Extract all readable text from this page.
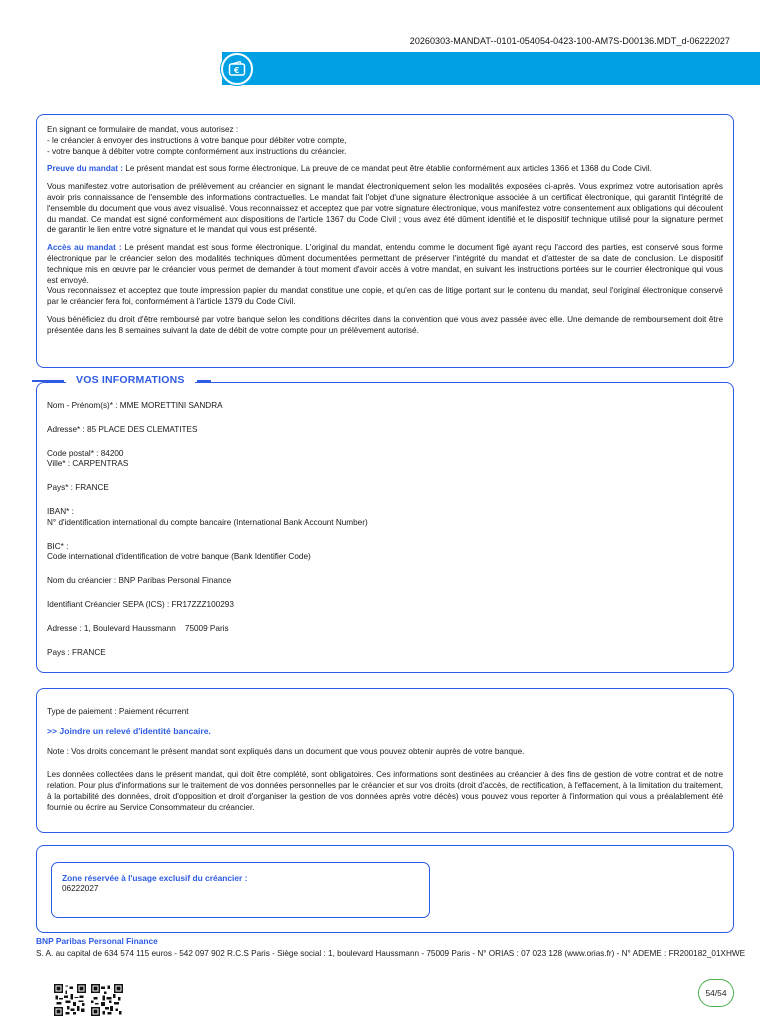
20260303-MANDAT--0101-054054-0423-100-AM7S-D00136.MDT_d-06222027
€

En signant ce formulaire de mandat, vous autorisez :
- le créancier à envoyer des instructions à votre banque pour débiter votre compte,
- votre banque à débiter votre compte conformément aux instructions du créancier.

Preuve du mandat : Le présent mandat est sous forme électronique. La preuve de ce mandat peut être établie conformément aux articles 1366 et 1368 du Code Civil.

Vous manifestez votre autorisation de prélèvement au créancier en signant le mandat électroniquement selon les modalités exposées ci-après. Vous exprimez votre autorisation après avoir pris connaissance de l'ensemble des informations contractuelles. Le mandat fait l'objet d'une signature électronique associée à un certificat électronique, qui garantit l'intégrité de l'ensemble du document que vous avez visualisé. Vous reconnaissez et acceptez que par votre signature électronique, vous manifestez votre consentement aux obligations qui découlent du mandat. Ce mandat est signé conformément aux dispositions de l'article 1367 du Code Civil ; vous avez été dûment identifié et le dispositif technique utilisé pour la signature permet de garantir le lien entre votre signature et le mandat qui vous est présenté.

Accès au mandat : Le présent mandat est sous forme électronique. L'original du mandat, entendu comme le document figé ayant reçu l'accord des parties, est conservé sous forme électronique par le créancier selon des modalités techniques dûment documentées permettant de préserver l'intégrité du mandat et d'attester de sa date de conclusion. Le dispositif technique mis en œuvre par le créancier vous permet de demander à tout moment d'avoir accès à votre mandat, en suivant les instructions portées sur le courrier électronique qui vous est envoyé.

Vous reconnaissez et acceptez que toute impression papier du mandat constitue une copie, et qu'en cas de litige portant sur le contenu du mandat, seul l'original électronique conservé par le créancier fera foi, conformément à l'article 1379 du Code Civil.

Vous bénéficiez du droit d'être remboursé par votre banque selon les conditions décrites dans la convention que vous avez passée avec elle. Une demande de remboursement doit être présentée dans les 8 semaines suivant la date de débit de votre compte pour un prélèvement autorisé.

Nom - Prénom(s)* : MME MORETTINI SANDRA
Adresse* : 85 PLACE DES CLEMATITES
Code postal* : 84200
Ville* : CARPENTRAS
Pays* : FRANCE
IBAN* :
N° d'identification international du compte bancaire (International Bank Account Number)
BIC* :
Code international d'identification de votre banque (Bank Identifier Code)
Nom du créancier : BNP Paribas Personal Finance
Identifiant Créancier SEPA (ICS) : FR17ZZZ100293
Adresse : 1, Boulevard Haussmann    75009 Paris
Pays : FRANCE
VOS INFORMATIONS
Type de paiement : Paiement récurrent
>> Joindre un relevé d'identité bancaire.

Note : Vos droits concernant le présent mandat sont expliqués dans un document que vous pouvez obtenir auprès de votre banque.

Les données collectées dans le présent mandat, qui doit être complété, sont obligatoires. Ces informations sont destinées au créancier à des fins de gestion de votre contrat et de notre relation. Pour plus d'informations sur le traitement de vos données personnelles par le créancier et sur vos droits (droit d'accès, de rectification, à l'effacement, à la limitation du traitement, à la portabilité des données, droit d'opposition et droit d'organiser la gestion de vos données après votre décès) vous pouvez vous reporter à l'information qui vous a préalablement été fournie ou écrire au Service Consommateur du créancier.

Zone réservée à l'usage exclusif du créancier :
06222027
BNP Paribas Personal Finance
S. A. au capital de 634 574 115 euros - 542 097 902 R.C.S Paris - Siège social : 1, boulevard Haussmann - 75009 Paris - N° ORIAS : 07 023 128 (www.orias.fr) - N° ADEME : FR200182_01XHWE
54/54
